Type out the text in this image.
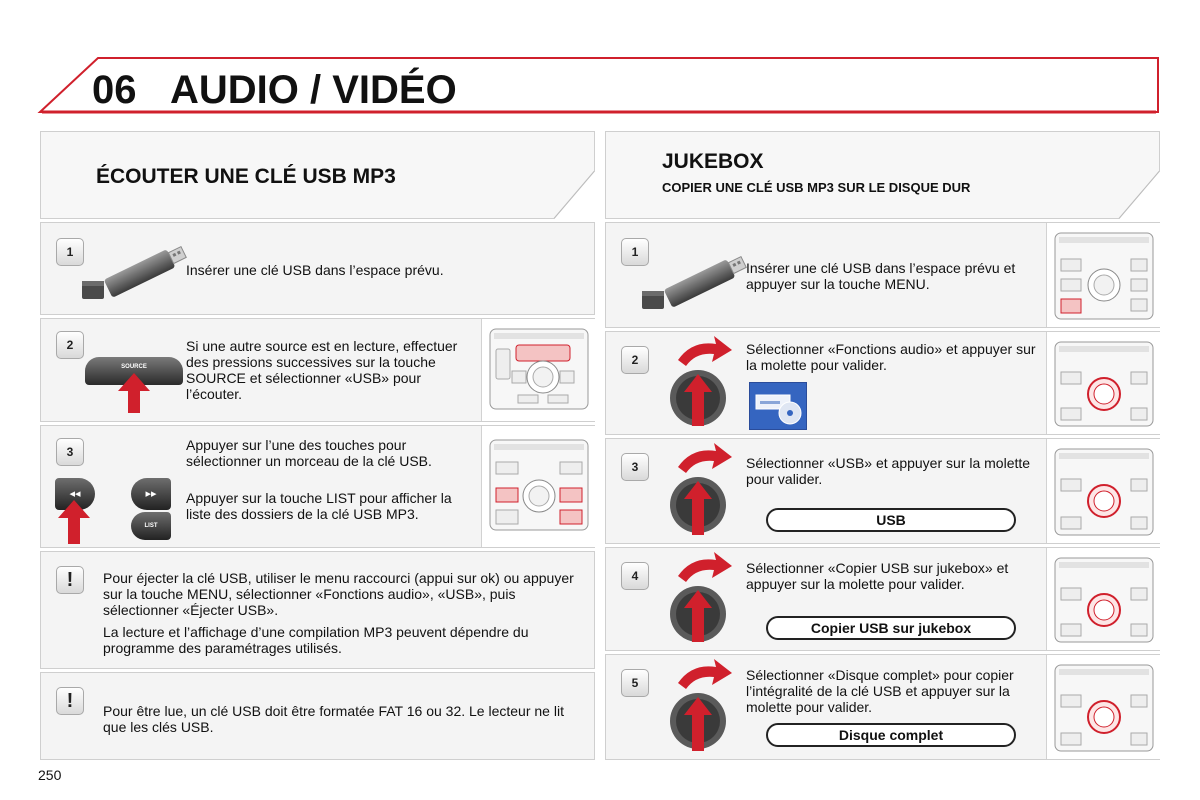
06 AUDIO / VIDÉO
ÉCOUTER UNE CLÉ USB MP3
JUKEBOX
COPIER UNE CLÉ USB MP3 SUR LE DISQUE DUR
1
Insérer une clé USB dans l’espace prévu.
2
SOURCE
Si une autre source est en lecture, effectuer des pressions successives sur la touche SOURCE et sélectionner «USB» pour l’écouter.
3
◂◂	▸▸
LIST
Appuyer sur l’une des touches pour sélectionner un morceau de la clé USB.
Appuyer sur la touche LIST pour afficher la liste des dossiers de la clé USB MP3.
!	Pour éjecter la clé USB, utiliser le menu raccourci (appui sur ok) ou appuyer sur la touche MENU, sélectionner «Fonctions audio», «USB», puis sélectionner «Éjecter USB».
La lecture et l’affichage d’une compilation MP3 peuvent dépendre du programme des paramétrages utilisés.
!	Pour être lue, un clé USB doit être formatée FAT 16 ou 32. Le lecteur ne lit que les clés USB.
1
Insérer une clé USB dans l’espace prévu et appuyer sur la touche MENU.
2
Sélectionner «Fonctions audio» et appuyer sur la molette pour valider.
3	Sélectionner «USB» et appuyer sur la molette pour valider.
USB
4	Sélectionner «Copier USB sur jukebox» et appuyer sur la molette pour valider.
Copier USB sur jukebox
5	Sélectionner «Disque complet» pour copier l’intégralité de la clé USB et appuyer sur la molette pour valider.
Disque complet
250
